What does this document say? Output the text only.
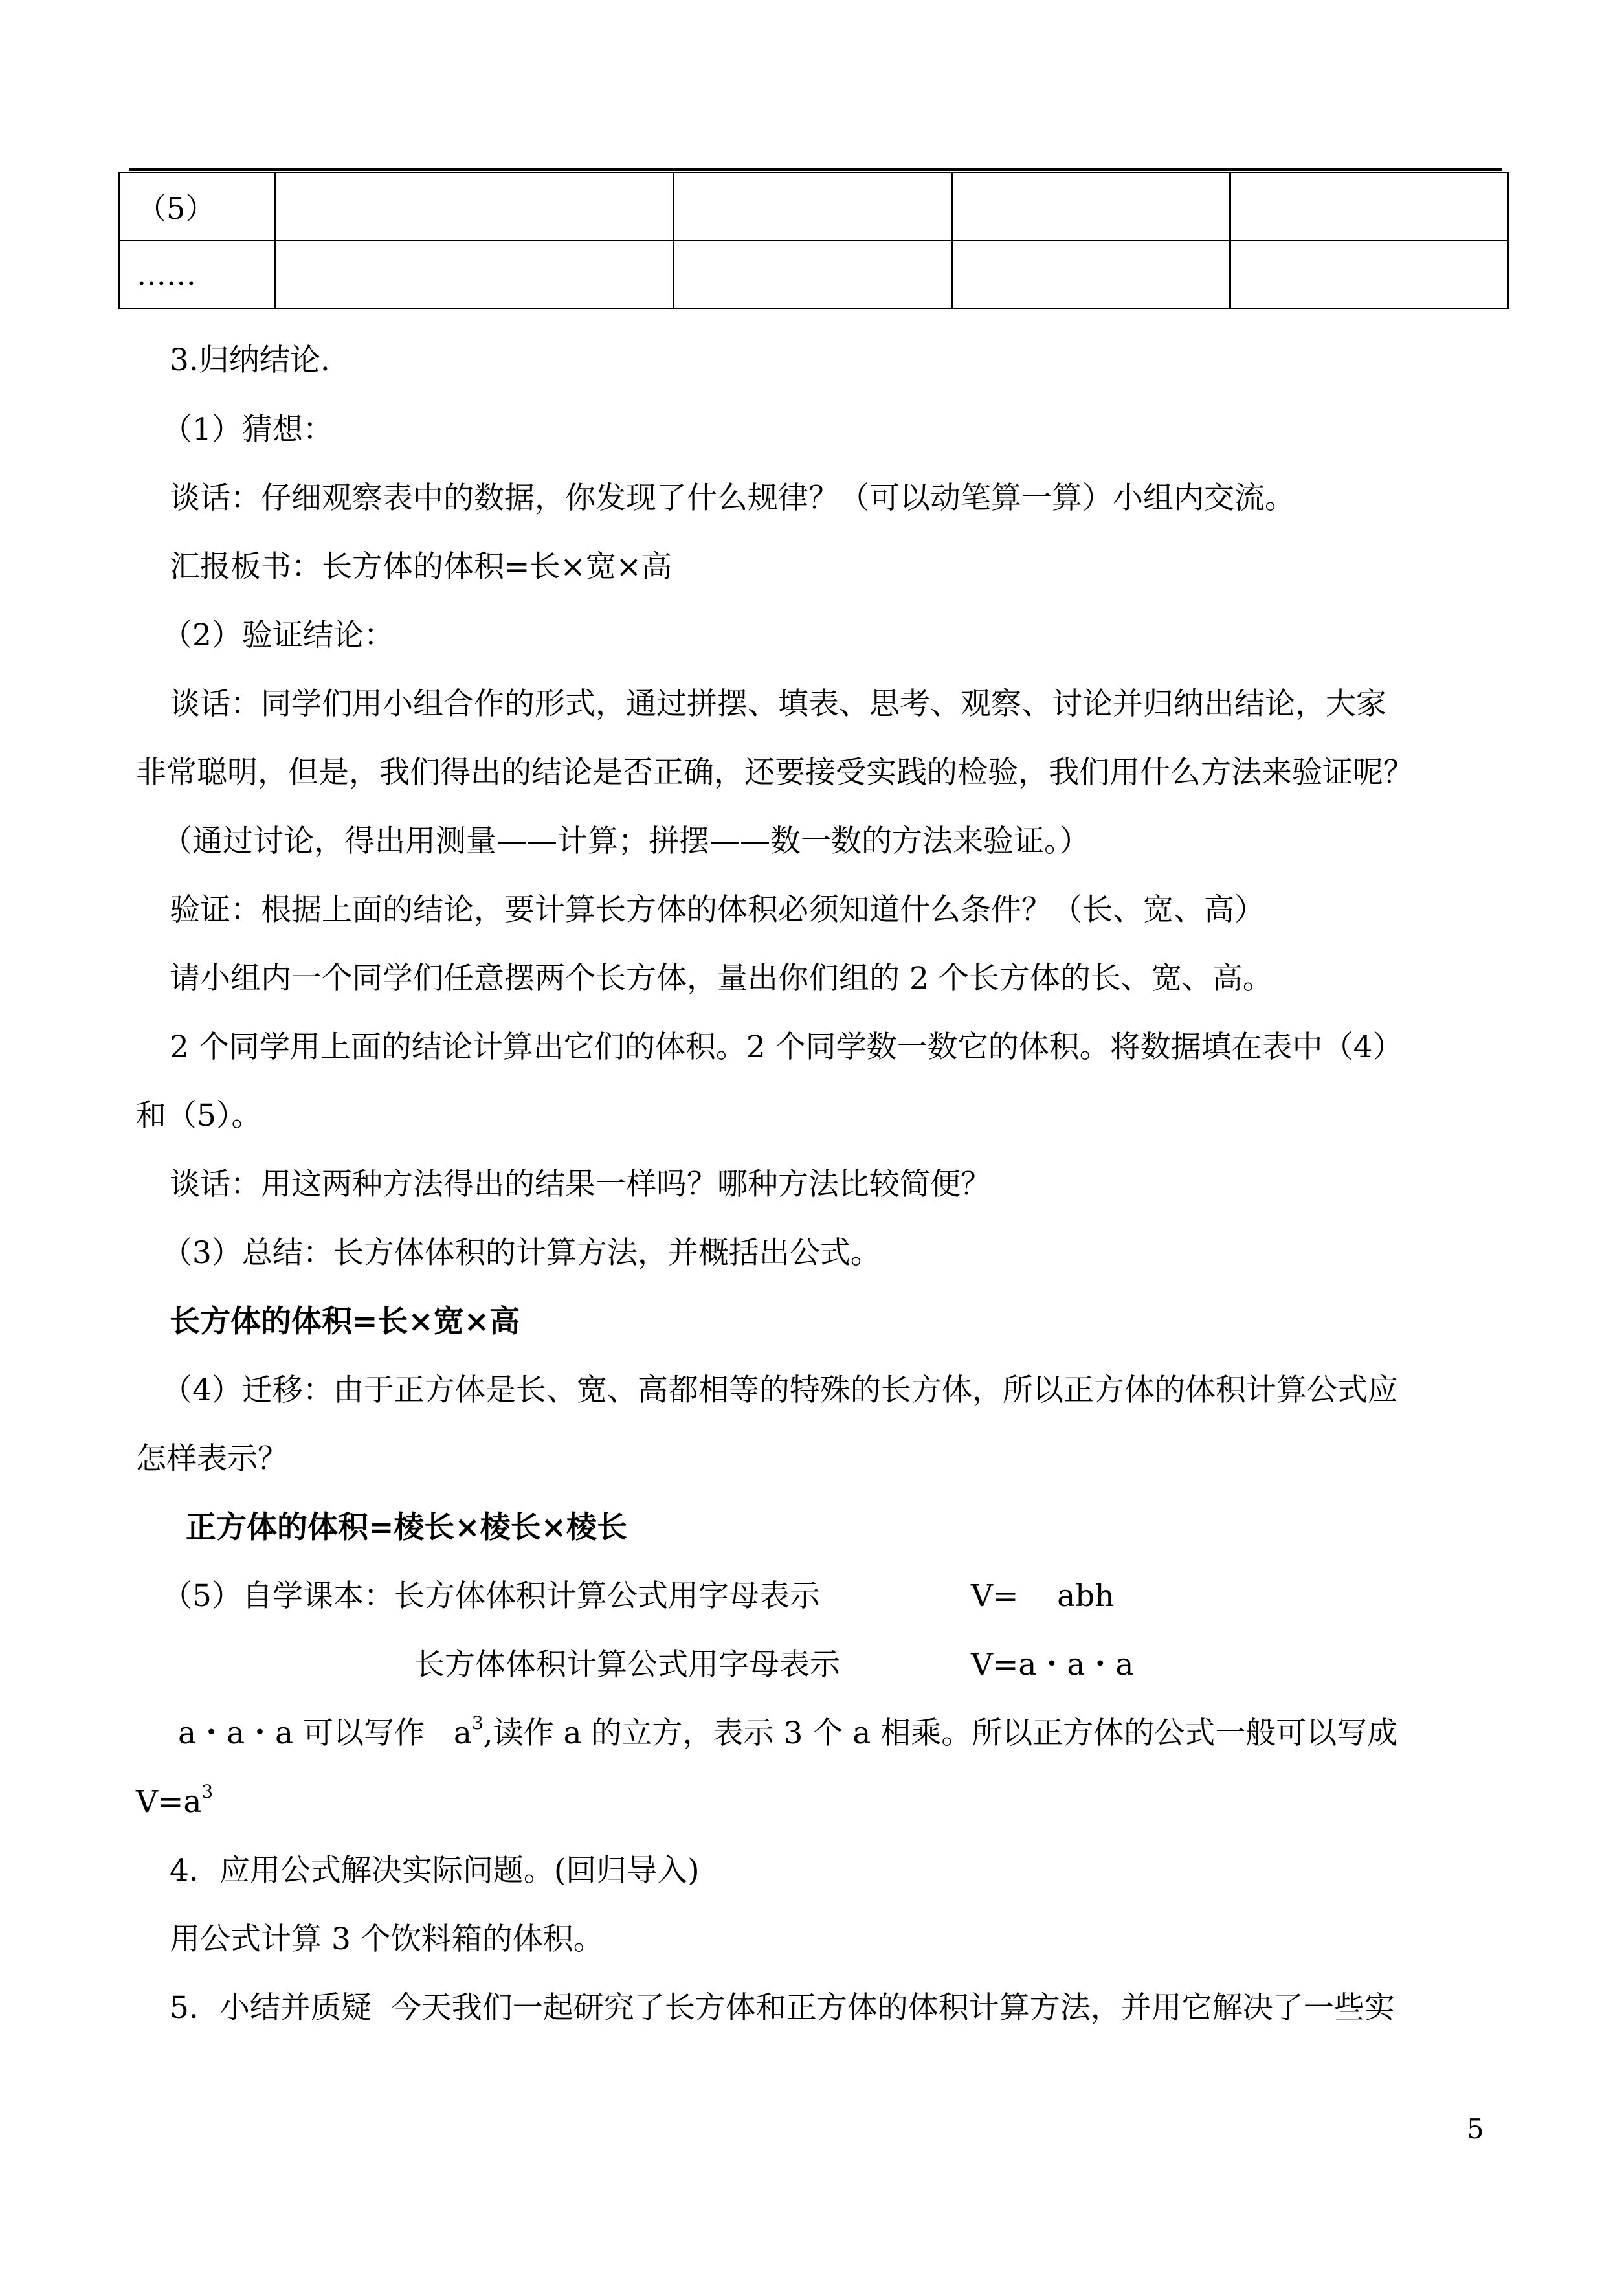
（5）				
……				
3.归纳结论.
（1）猜想：
谈话：仔细观察表中的数据，你发现了什么规律？（可以动笔算一算）小组内交流。
汇报板书：长方体的体积=长×宽×高
（2）验证结论：
谈话：同学们用小组合作的形式，通过拼摆、填表、思考、观察、讨论并归纳出结论，大家
非常聪明，但是，我们得出的结论是否正确，还要接受实践的检验，我们用什么方法来验证呢？
（通过讨论，得出用测量——计算；拼摆——数一数的方法来验证。）
验证：根据上面的结论，要计算长方体的体积必须知道什么条件？（长、宽、高）
请小组内一个同学们任意摆两个长方体，量出你们组的 2 个长方体的长、宽、高。
2 个同学用上面的结论计算出它们的体积。2 个同学数一数它的体积。将数据填在表中（4）
和（5）。
谈话：用这两种方法得出的结果一样吗？哪种方法比较简便？
（3）总结：长方体体积的计算方法，并概括出公式。
长方体的体积=长×宽×高
（4）迁移：由于正方体是长、宽、高都相等的特殊的长方体，所以正方体的体积计算公式应
怎样表示？
正方体的体积=棱长×棱长×棱长
（5）自学课本：长方体体积计算公式用字母表示	V=    abh
长方体体积计算公式用字母表示	V=a・a・a
a・a・a 可以写作   $a^3$,读作 a 的立方，表示 3 个 a 相乘。所以正方体的公式一般可以写成
$V=a^3$
4．应用公式解决实际问题。(回归导入)
用公式计算 3 个饮料箱的体积。
5．小结并质疑  今天我们一起研究了长方体和正方体的体积计算方法，并用它解决了一些实
5
